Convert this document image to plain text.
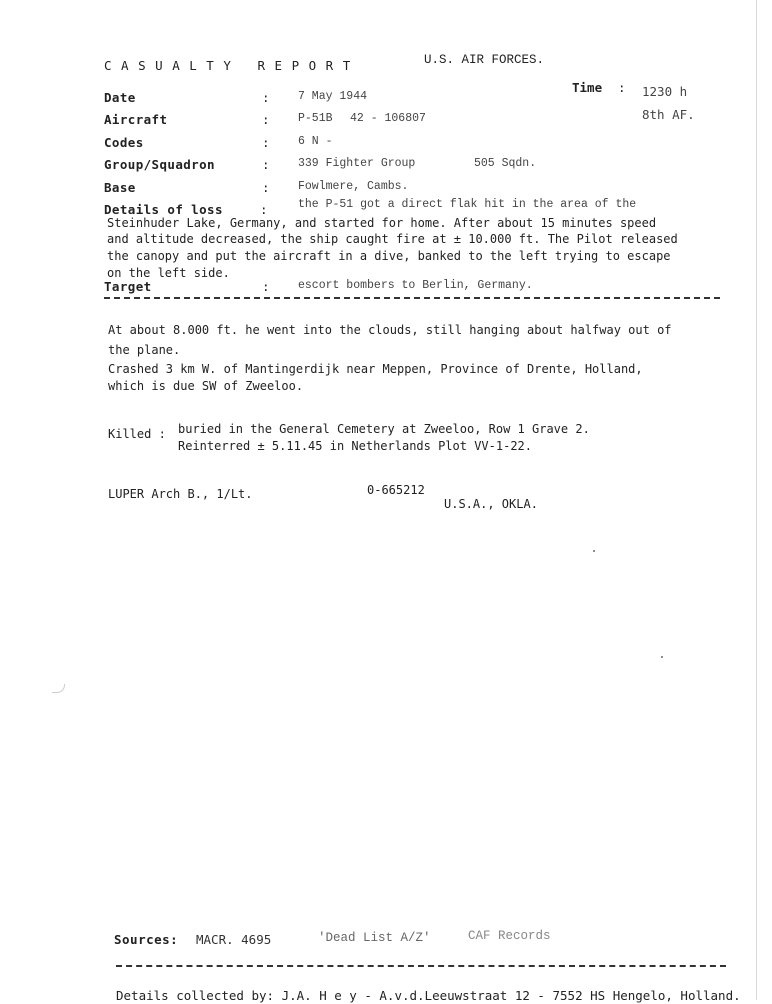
C A S U A L T Y   R E P O R T	U.S. AIR FORCES.
Time : 1230 h
8th AF.
Date	: 7 May 1944
Aircraft	: P-51B 42 - 106807
Codes	: 6 N -
Group/Squadron	: 339 Fighter Group	505 Sqdn.
Base	: Fowlmere, Cambs.
Details of loss	:	the P-51 got a direct flak hit in the area of the
Steinhuder Lake, Germany, and started for home. After about 15 minutes speed
and altitude decreased, the ship caught fire at ± 10.000 ft. The Pilot released
the canopy and put the aircraft in a dive, banked to the left trying to escape
on the left side.
Target	: escort bombers to Berlin, Germany.
At about 8.000 ft. he went into the clouds, still hanging about halfway out of
the plane.
Crashed 3 km W. of Mantingerdijk near Meppen, Province of Drente, Holland,
which is due SW of Zweeloo.
Killed : buried in the General Cemetery at Zweeloo, Row 1 Grave 2.
Reinterred ± 5.11.45 in Netherlands Plot VV-1-22.
LUPER Arch B., 1/Lt.	0-665212
U.S.A., OKLA.
Sources: MACR. 4695	'Dead List A/Z'	CAF Records
Details collected by: J.A. H e y - A.v.d.Leeuwstraat 12 - 7552 HS Hengelo, Holland.
